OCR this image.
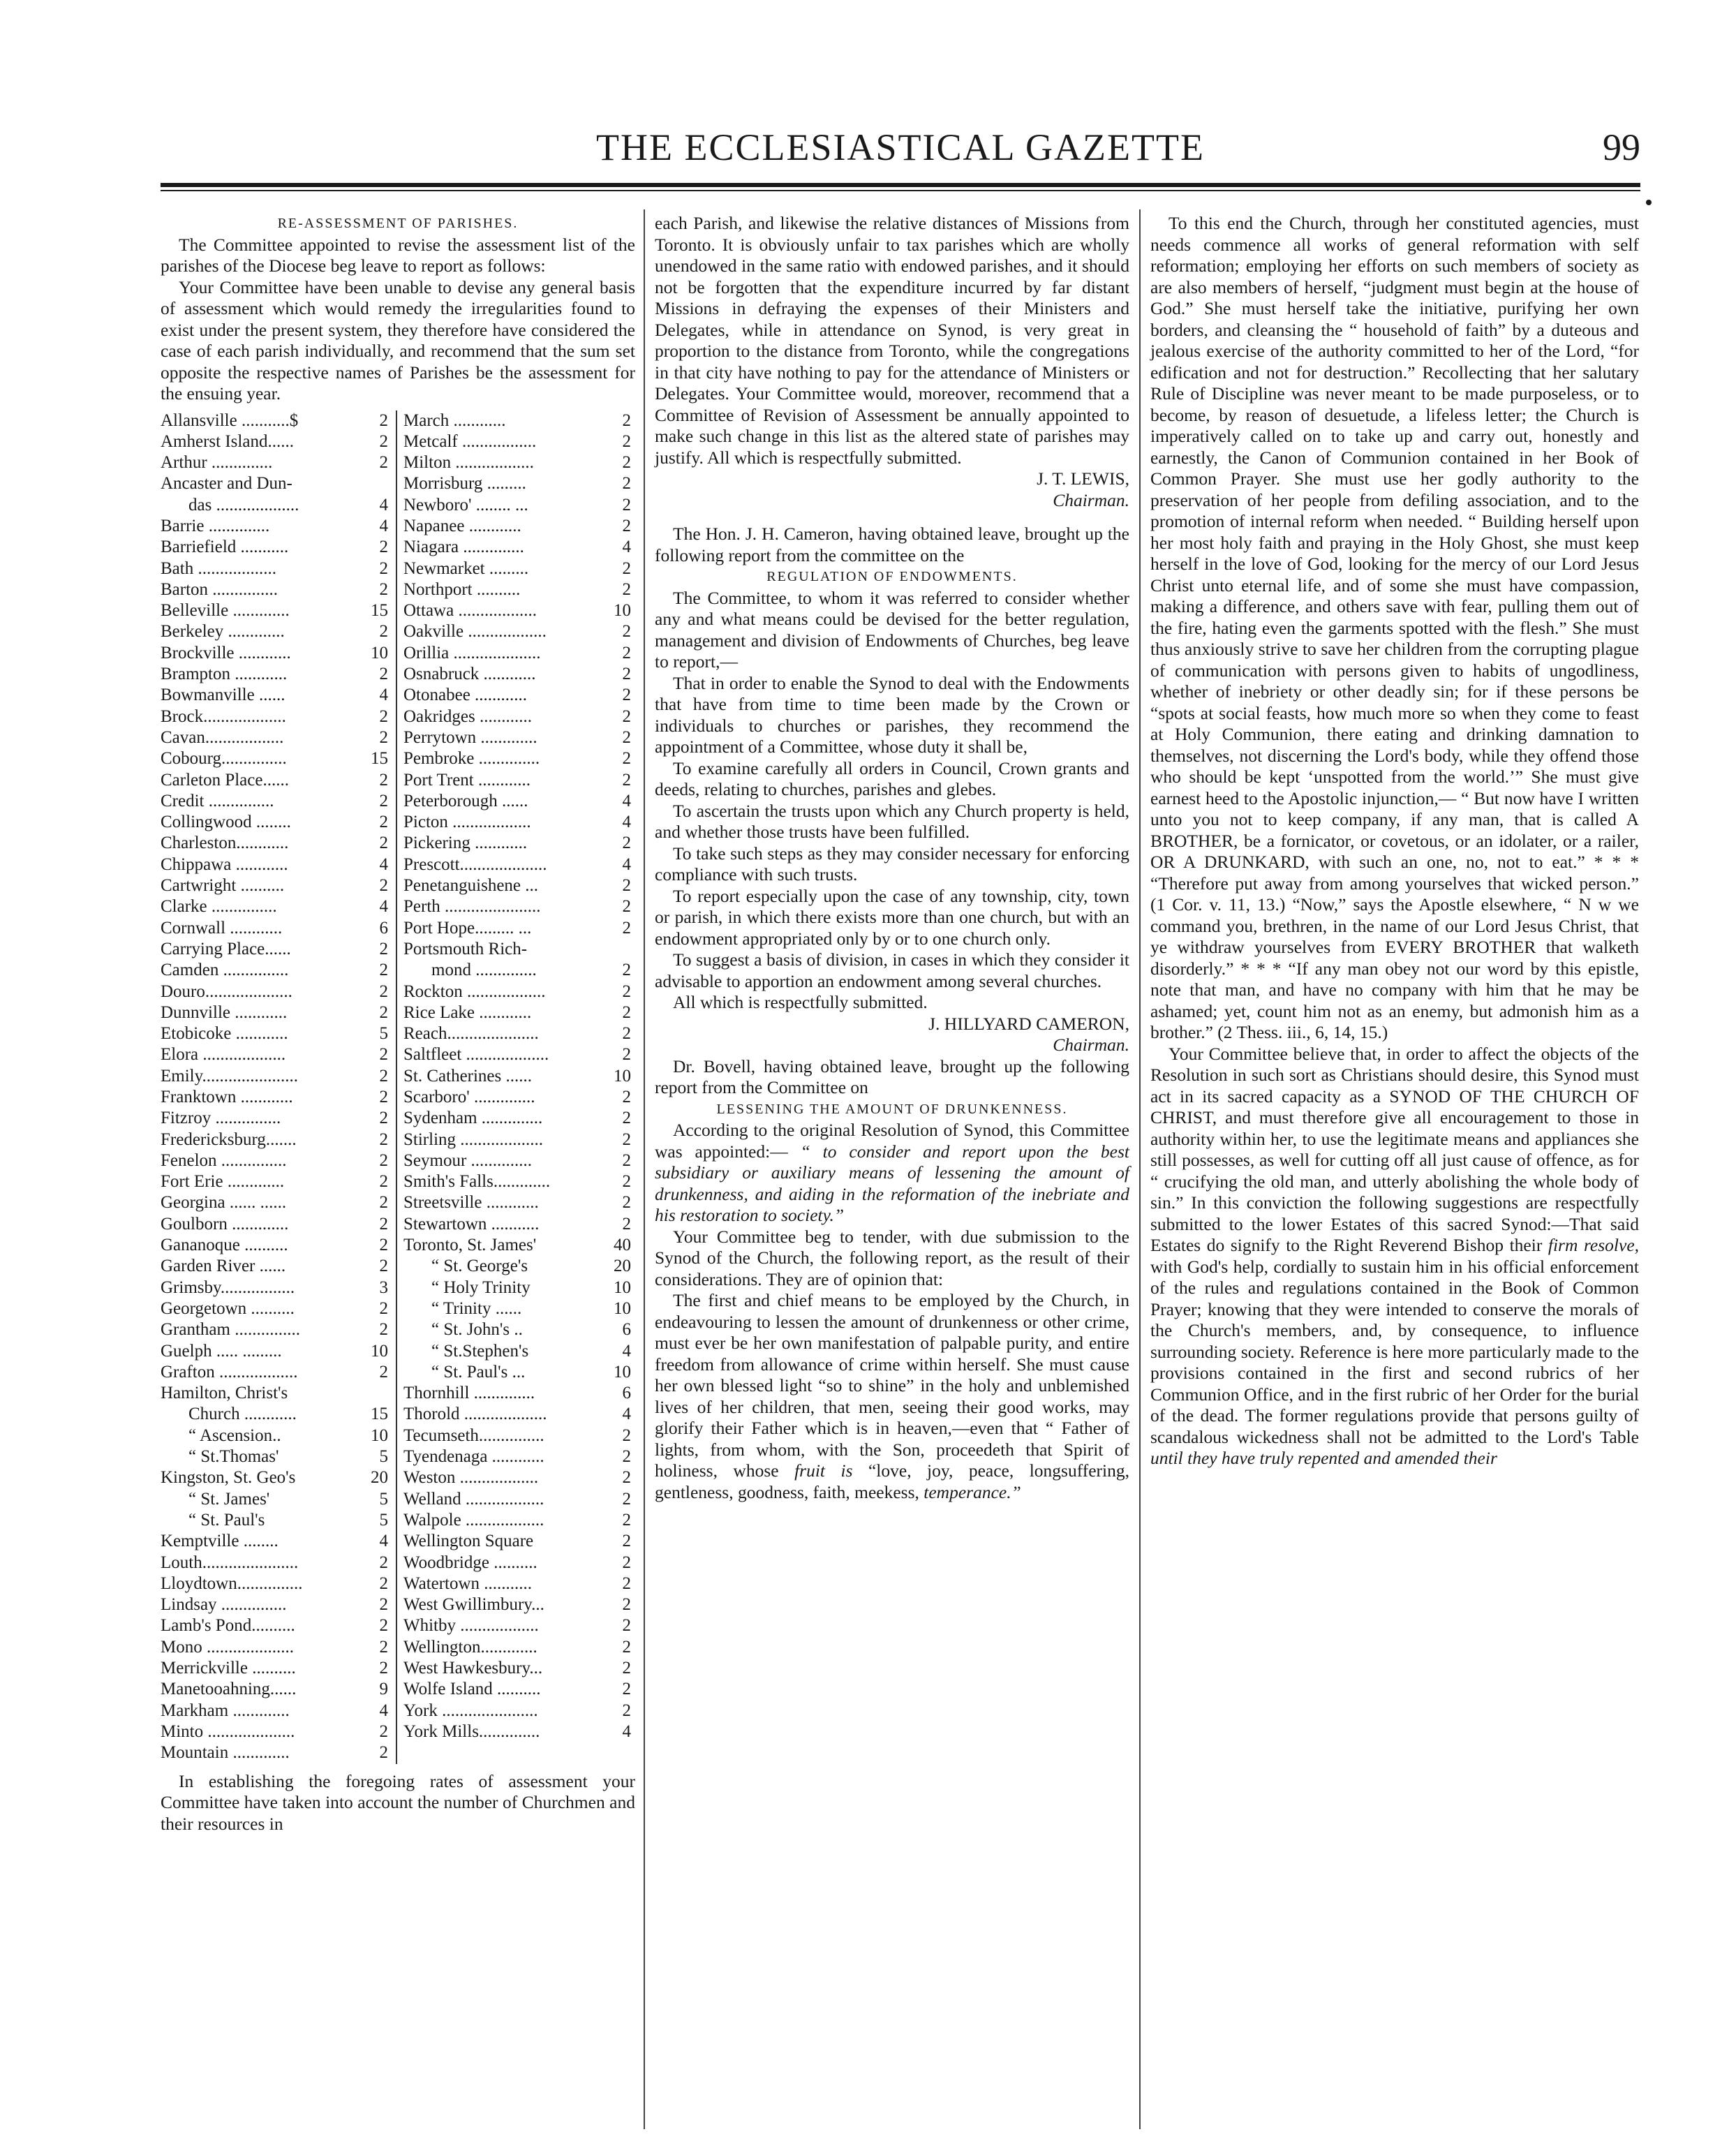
THE ECCLESIASTICAL GAZETTE	99

RE-ASSESSMENT OF PARISHES.

The Committee appointed to revise the assessment list of the parishes of the Diocese beg leave to report as follows:

Your Committee have been unable to devise any general basis of assessment which would remedy the irregularities found to exist under the present system, they therefore have considered the case of each parish individually, and recommend that the sum set opposite the respective names of Parishes be the assessment for the ensuing year.

Allansville ...........$	2
Amherst Island......	2
Arthur ..............	2
Ancaster and Dun-
das ...................	4
Barrie ..............	4
Barriefield ...........	2
Bath ..................	2
Barton ...............	2
Belleville .............	15
Berkeley .............	2
Brockville ............	10
Brampton ............	2
Bowmanville ......	4
Brock...................	2
Cavan..................	2
Cobourg...............	15
Carleton Place......	2
Credit ...............	2
Collingwood ........	2
Charleston............	2
Chippawa ............	4
Cartwright ..........	2
Clarke ...............	4
Cornwall ............	6
Carrying Place......	2
Camden ...............	2
Douro....................	2
Dunnville ............	2
Etobicoke ............	5
Elora ...................	2
Emily......................	2
Franktown ............	2
Fitzroy ...............	2
Fredericksburg.......	2
Fenelon ...............	2
Fort Erie .............	2
Georgina ...... ......	2
Goulborn .............	2
Gananoque ..........	2
Garden River ......	2
Grimsby.................	3
Georgetown ..........	2
Grantham ...............	2
Guelph ..... .........	10
Grafton ..................	2
Hamilton, Christ's
Church ............	15
“ Ascension..	10
“ St.Thomas'	5
Kingston, St. Geo's	20
“ St. James'	5
“ St. Paul's	5
Kemptville ........	4
Louth......................	2
Lloydtown...............	2
Lindsay ...............	2
Lamb's Pond..........	2
Mono ....................	2
Merrickville ..........	2
Manetooahning......	9
Markham .............	4
Minto ....................	2
Mountain .............	2
March ............	2
Metcalf .................	2
Milton ..................	2
Morrisburg .........	2
Newboro' ........ ...	2
Napanee ............	2
Niagara ..............	4
Newmarket .........	2
Northport ..........	2
Ottawa ..................	10
Oakville ..................	2
Orillia ....................	2
Osnabruck ............	2
Otonabee ............	2
Oakridges ............	2
Perrytown .............	2
Pembroke ..............	2
Port Trent ............	2
Peterborough ......	4
Picton ..................	4
Pickering ............	2
Prescott....................	4
Penetanguishene ...	2
Perth ......................	2
Port Hope......... ...	2
Portsmouth Rich-
mond ..............	2
Rockton ..................	2
Rice Lake ............	2
Reach.....................	2
Saltfleet ...................	2
St. Catherines ......	10
Scarboro' ..............	2
Sydenham ..............	2
Stirling ...................	2
Seymour ..............	2
Smith's Falls.............	2
Streetsville ............	2
Stewartown ...........	2
Toronto, St. James'	40
“ St. George's	20
“ Holy Trinity	10
“ Trinity ......	10
“ St. John's ..	6
“ St.Stephen's	4
“ St. Paul's ...	10
Thornhill ..............	6
Thorold ...................	4
Tecumseth...............	2
Tyendenaga ............	2
Weston ..................	2
Welland ..................	2
Walpole ..................	2
Wellington Square	2
Woodbridge ..........	2
Watertown ...........	2
West Gwillimbury...	2
Whitby ..................	2
Wellington.............	2
West Hawkesbury...	2
Wolfe Island ..........	2
York ......................	2
York Mills..............	4

In establishing the foregoing rates of assessment your Committee have taken into account the number of Churchmen and their resources in

each Parish, and likewise the relative distances of Missions from Toronto. It is obviously unfair to tax parishes which are wholly unendowed in the same ratio with endowed parishes, and it should not be forgotten that the expenditure incurred by far distant Missions in defraying the expenses of their Ministers and Delegates, while in attendance on Synod, is very great in proportion to the distance from Toronto, while the congregations in that city have nothing to pay for the attendance of Ministers or Delegates. Your Committee would, moreover, recommend that a Committee of Revision of Assessment be annually appointed to make such change in this list as the altered state of parishes may justify. All which is respectfully submitted.

J. T. LEWIS,

Chairman.

The Hon. J. H. Cameron, having obtained leave, brought up the following report from the committee on the

REGULATION OF ENDOWMENTS.

The Committee, to whom it was referred to consider whether any and what means could be devised for the better regulation, management and division of Endowments of Churches, beg leave to report,—

That in order to enable the Synod to deal with the Endowments that have from time to time been made by the Crown or individuals to churches or parishes, they recommend the appointment of a Committee, whose duty it shall be,

To examine carefully all orders in Council, Crown grants and deeds, relating to churches, parishes and glebes.

To ascertain the trusts upon which any Church property is held, and whether those trusts have been fulfilled.

To take such steps as they may consider necessary for enforcing compliance with such trusts.

To report especially upon the case of any township, city, town or parish, in which there exists more than one church, but with an endowment appropriated only by or to one church only.

To suggest a basis of division, in cases in which they consider it advisable to apportion an endowment among several churches.

All which is respectfully submitted.

J. HILLYARD CAMERON,

Chairman.

Dr. Bovell, having obtained leave, brought up the following report from the Committee on

LESSENING THE AMOUNT OF DRUNKENNESS.

According to the original Resolution of Synod, this Committee was appointed:— “ to consider and report upon the best subsidiary or auxiliary means of lessening the amount of drunkenness, and aiding in the reformation of the inebriate and his restoration to society.”

Your Committee beg to tender, with due submission to the Synod of the Church, the following report, as the result of their considerations. They are of opinion that:

The first and chief means to be employed by the Church, in endeavouring to lessen the amount of drunkenness or other crime, must ever be her own manifestation of palpable purity, and entire freedom from allowance of crime within herself. She must cause her own blessed light “so to shine” in the holy and unblemished lives of her children, that men, seeing their good works, may glorify their Father which is in heaven,—even that “ Father of lights, from whom, with the Son, proceedeth that Spirit of holiness, whose fruit is “love, joy, peace, longsuffering, gentleness, goodness, faith, meekess, temperance.”

To this end the Church, through her constituted agencies, must needs commence all works of general reformation with self reformation; employing her efforts on such members of society as are also members of herself, “judgment must begin at the house of God.” She must herself take the initiative, purifying her own borders, and cleansing the “ household of faith” by a duteous and jealous exercise of the authority committed to her of the Lord, “for edification and not for destruction.” Recollecting that her salutary Rule of Discipline was never meant to be made purposeless, or to become, by reason of desuetude, a lifeless letter; the Church is imperatively called on to take up and carry out, honestly and earnestly, the Canon of Communion contained in her Book of Common Prayer. She must use her godly authority to the preservation of her people from defiling association, and to the promotion of internal reform when needed. “ Building herself upon her most holy faith and praying in the Holy Ghost, she must keep herself in the love of God, looking for the mercy of our Lord Jesus Christ unto eternal life, and of some she must have compassion, making a difference, and others save with fear, pulling them out of the fire, hating even the garments spotted with the flesh.” She must thus anxiously strive to save her children from the corrupting plague of communication with persons given to habits of ungodliness, whether of inebriety or other deadly sin; for if these persons be “spots at social feasts, how much more so when they come to feast at Holy Communion, there eating and drinking damnation to themselves, not discerning the Lord's body, while they offend those who should be kept ‘unspotted from the world.’” She must give earnest heed to the Apostolic injunction,— “ But now have I written unto you not to keep company, if any man, that is called A BROTHER, be a fornicator, or covetous, or an idolater, or a railer, OR A DRUNKARD, with such an one, no, not to eat.” * * * “Therefore put away from among yourselves that wicked person.” (1 Cor. v. 11, 13.) “Now,” says the Apostle elsewhere, “ N w we command you, brethren, in the name of our Lord Jesus Christ, that ye withdraw yourselves from EVERY BROTHER that walketh disorderly.” * * * “If any man obey not our word by this epistle, note that man, and have no company with him that he may be ashamed; yet, count him not as an enemy, but admonish him as a brother.” (2 Thess. iii., 6, 14, 15.)

Your Committee believe that, in order to affect the objects of the Resolution in such sort as Christians should desire, this Synod must act in its sacred capacity as a SYNOD OF THE CHURCH OF CHRIST, and must therefore give all encouragement to those in authority within her, to use the legitimate means and appliances she still possesses, as well for cutting off all just cause of offence, as for “ crucifying the old man, and utterly abolishing the whole body of sin.” In this conviction the following suggestions are respectfully submitted to the lower Estates of this sacred Synod:—That said Estates do signify to the Right Reverend Bishop their firm resolve, with God's help, cordially to sustain him in his official enforcement of the rules and regulations contained in the Book of Common Prayer; knowing that they were intended to conserve the morals of the Church's members, and, by consequence, to influence surrounding society. Reference is here more particularly made to the provisions contained in the first and second rubrics of her Communion Office, and in the first rubric of her Order for the burial of the dead. The former regulations provide that persons guilty of scandalous wickedness shall not be admitted to the Lord's Table until they have truly repented and amended their
